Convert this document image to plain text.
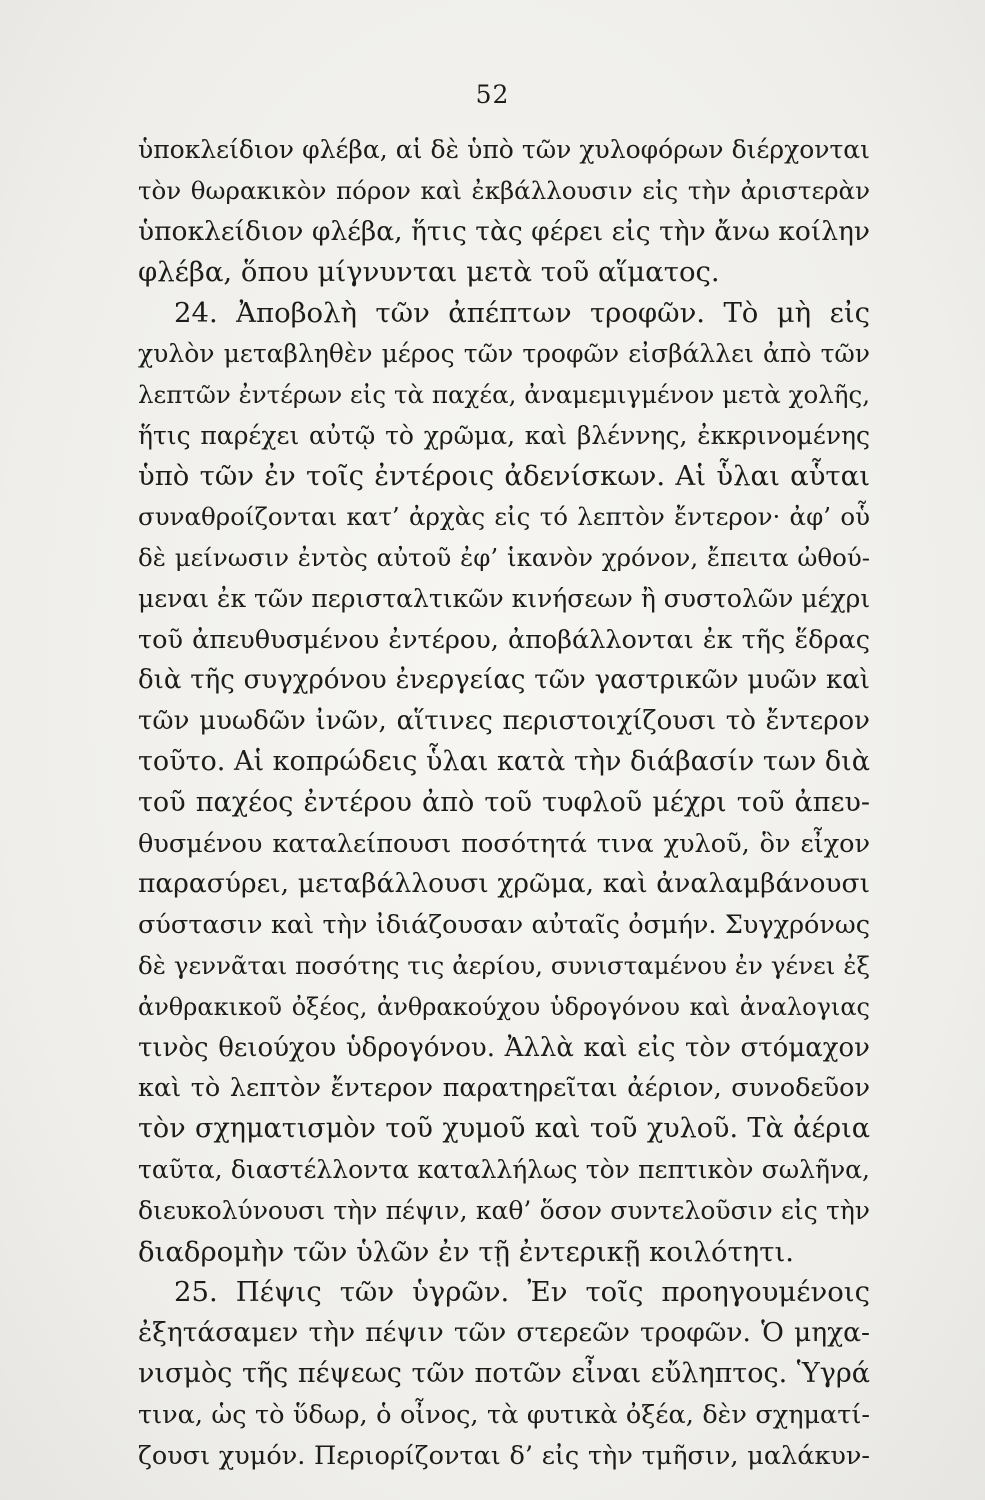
52
ὑποκλείδιον φλέβα, αἱ δὲ ὑπὸ τῶν χυλοφόρων διέρχονται
τὸν θωρακικὸν πόρον καὶ ἐκβάλλουσιν εἰς τὴν ἀριστερὰν
ὑποκλείδιον φλέβα, ἥτις τὰς φέρει εἰς τὴν ἄνω κοίλην
φλέβα, ὅπου μίγνυνται μετὰ τοῦ αἵματος.
24. Ἀποβολὴ τῶν ἀπέπτων τροφῶν. Τὸ μὴ εἰς
χυλὸν μεταβληθὲν μέρος τῶν τροφῶν εἰσβάλλει ἀπὸ τῶν
λεπτῶν ἐντέρων εἰς τὰ παχέα, ἀναμεμιγμένον μετὰ χολῆς,
ἥτις παρέχει αὐτῷ τὸ χρῶμα, καὶ βλέννης, ἐκκρινομένης
ὑπὸ τῶν ἐν τοῖς ἐντέροις ἀδενίσκων. Αἱ ὗλαι αὗται
συναθροίζονται κατ’ ἀρχὰς εἰς τό λεπτὸν ἔντερον· ἀφ’ οὗ
δὲ μείνωσιν ἐντὸς αὐτοῦ ἐφ’ ἱκανὸν χρόνον, ἔπειτα ὠθού-
μεναι ἐκ τῶν περισταλτικῶν κινήσεων ἢ συστολῶν μέχρι
τοῦ ἀπευθυσμένου ἐντέρου, ἀποβάλλονται ἐκ τῆς ἕδρας
διὰ τῆς συγχρόνου ἐνεργείας τῶν γαστρικῶν μυῶν καὶ
τῶν μυωδῶν ἰνῶν, αἵτινες περιστοιχίζουσι τὸ ἔντερον
τοῦτο. Αἱ κοπρώδεις ὗλαι κατὰ τὴν διάβασίν των διὰ
τοῦ παχέος ἐντέρου ἀπὸ τοῦ τυφλοῦ μέχρι τοῦ ἀπευ-
θυσμένου καταλείπουσι ποσότητά τινα χυλοῦ, ὃν εἶχον
παρασύρει, μεταβάλλουσι χρῶμα, καὶ ἀναλαμβάνουσι
σύστασιν καὶ τὴν ἰδιάζουσαν αὐταῖς ὀσμήν. Συγχρόνως
δὲ γεννᾶται ποσότης τις ἀερίου, συνισταμένου ἐν γένει ἐξ
ἀνθρακικοῦ ὀξέος, ἀνθρακούχου ὑδρογόνου καὶ ἀναλογιας
τινὸς θειούχου ὑδρογόνου. Ἀλλὰ καὶ εἰς τὸν στόμαχον
καὶ τὸ λεπτὸν ἔντερον παρατηρεῖται ἀέριον, συνοδεῦον
τὸν σχηματισμὸν τοῦ χυμοῦ καὶ τοῦ χυλοῦ. Τὰ ἀέρια
ταῦτα, διαστέλλοντα καταλλήλως τὸν πεπτικὸν σωλῆνα,
διευκολύνουσι τὴν πέψιν, καθ’ ὅσον συντελοῦσιν εἰς τὴν
διαδρομὴν τῶν ὑλῶν ἐν τῇ ἐντερικῇ κοιλότητι.
25. Πέψις τῶν ὑγρῶν. Ἐν τοῖς προηγουμένοις
ἐξητάσαμεν τὴν πέψιν τῶν στερεῶν τροφῶν. Ὁ μηχα-
νισμὸς τῆς πέψεως τῶν ποτῶν εἶναι εὔληπτος. Ὑγρά
τινα, ὡς τὸ ὕδωρ, ὁ οἶνος, τὰ φυτικὰ ὀξέα, δὲν σχηματί-
ζουσι χυμόν. Περιορίζονται δ’ εἰς τὴν τμῆσιν, μαλάκυν-
